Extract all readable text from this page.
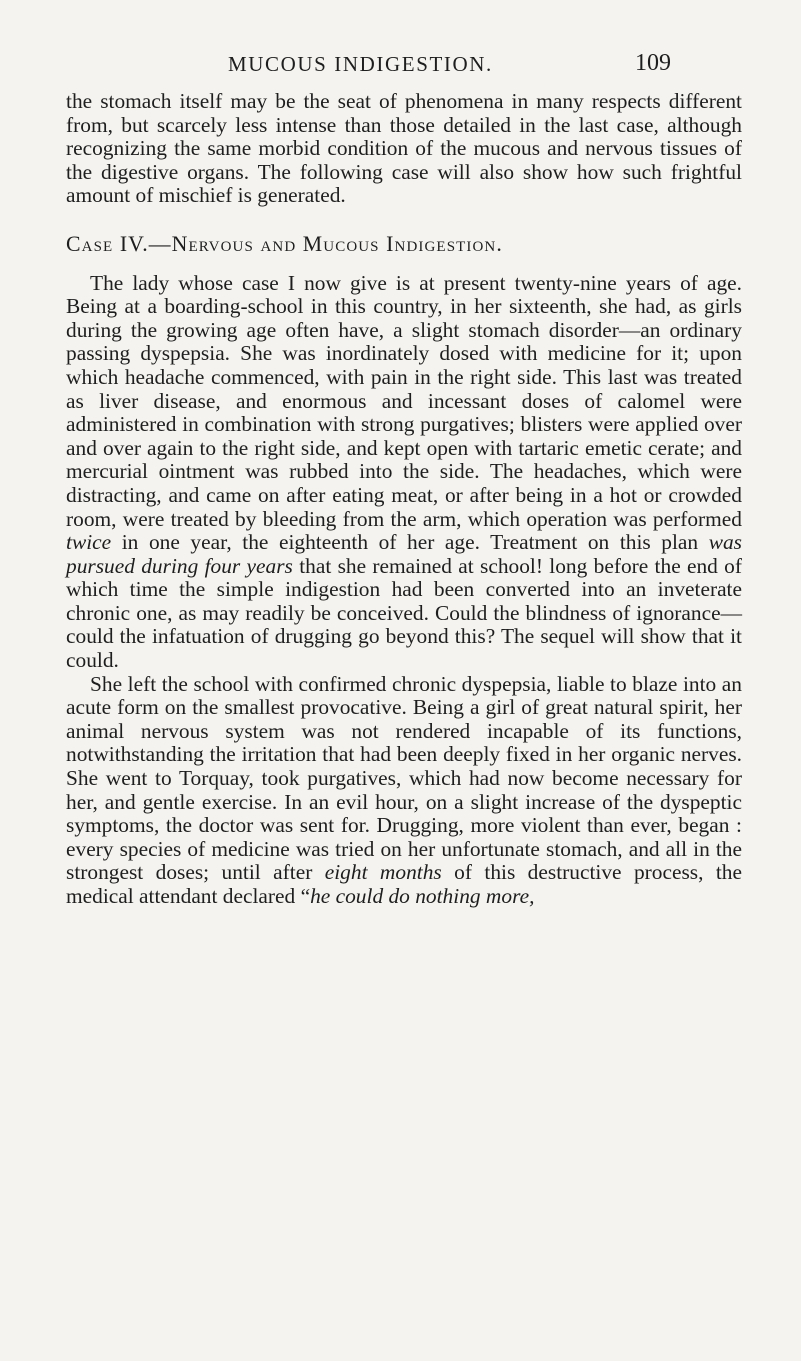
MUCOUS INDIGESTION.	109

the stomach itself may be the seat of phenomena in many respects different from, but scarcely less intense than those detailed in the last case, although recognizing the same morbid condition of the mucous and nervous tissues of the digestive organs. The following case will also show how such frightful amount of mischief is generated.

Case IV.—Nervous and Mucous Indigestion.

The lady whose case I now give is at present twenty-nine years of age. Being at a boarding-school in this country, in her sixteenth, she had, as girls during the growing age often have, a slight stomach disorder—an ordinary passing dyspepsia. She was inordinately dosed with medicine for it; upon which headache commenced, with pain in the right side. This last was treated as liver disease, and enormous and incessant doses of calomel were administered in combination with strong purgatives; blisters were applied over and over again to the right side, and kept open with tartaric emetic cerate; and mercurial ointment was rubbed into the side. The headaches, which were distracting, and came on after eating meat, or after being in a hot or crowded room, were treated by bleeding from the arm, which operation was performed twice in one year, the eighteenth of her age. Treatment on this plan was pursued during four years that she remained at school! long before the end of which time the simple indigestion had been converted into an inveterate chronic one, as may readily be conceived. Could the blindness of ignorance—could the infatuation of drugging go beyond this? The sequel will show that it could.

She left the school with confirmed chronic dyspepsia, liable to blaze into an acute form on the smallest provocative. Being a girl of great natural spirit, her animal nervous system was not rendered incapable of its functions, notwithstanding the irritation that had been deeply fixed in her organic nerves. She went to Torquay, took purgatives, which had now become necessary for her, and gentle exercise. In an evil hour, on a slight increase of the dyspeptic symptoms, the doctor was sent for. Drugging, more violent than ever, began : every species of medicine was tried on her unfortunate stomach, and all in the strongest doses; until after eight months of this destructive process, the medical attendant declared “he could do nothing more,
